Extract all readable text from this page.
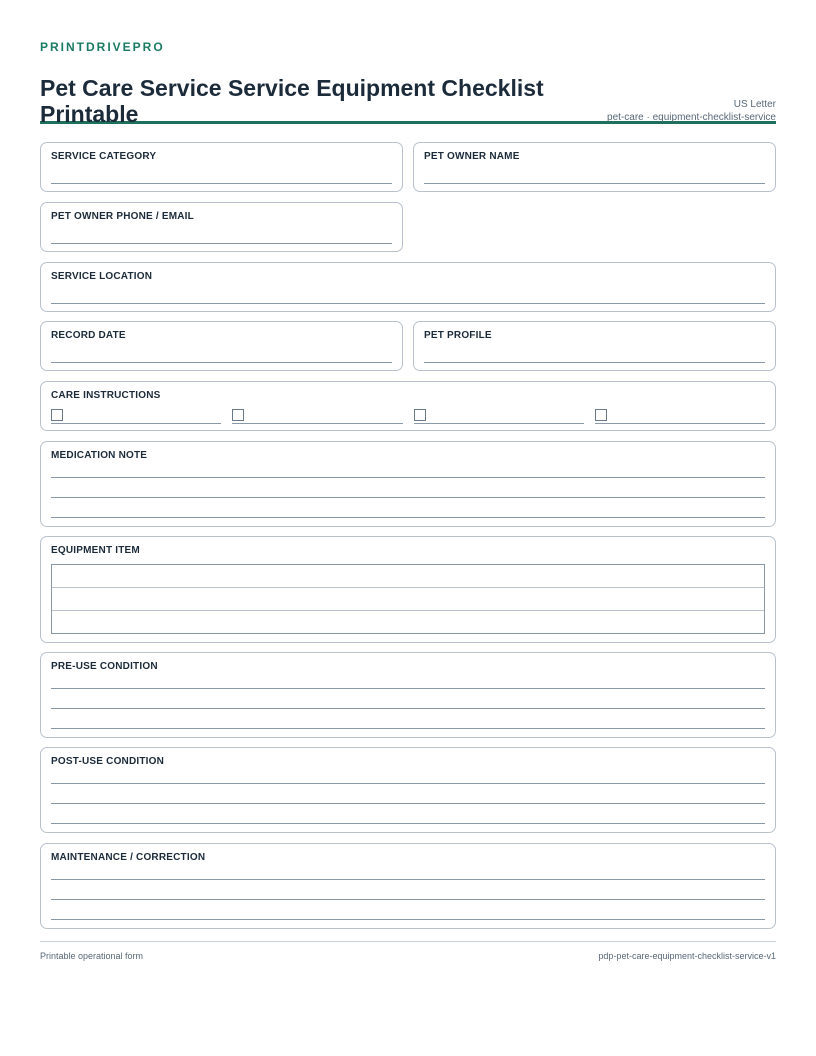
PRINTDRIVEPRO
Pet Care Service Service Equipment Checklist Printable	US Letter
pet-care · equipment-checklist-service
SERVICE CATEGORY	PET OWNER NAME
PET OWNER PHONE / EMAIL
SERVICE LOCATION
RECORD DATE	PET PROFILE
CARE INSTRUCTIONS
MEDICATION NOTE
EQUIPMENT ITEM
PRE-USE CONDITION
POST-USE CONDITION
MAINTENANCE / CORRECTION
Printable operational form	pdp-pet-care-equipment-checklist-service-v1
